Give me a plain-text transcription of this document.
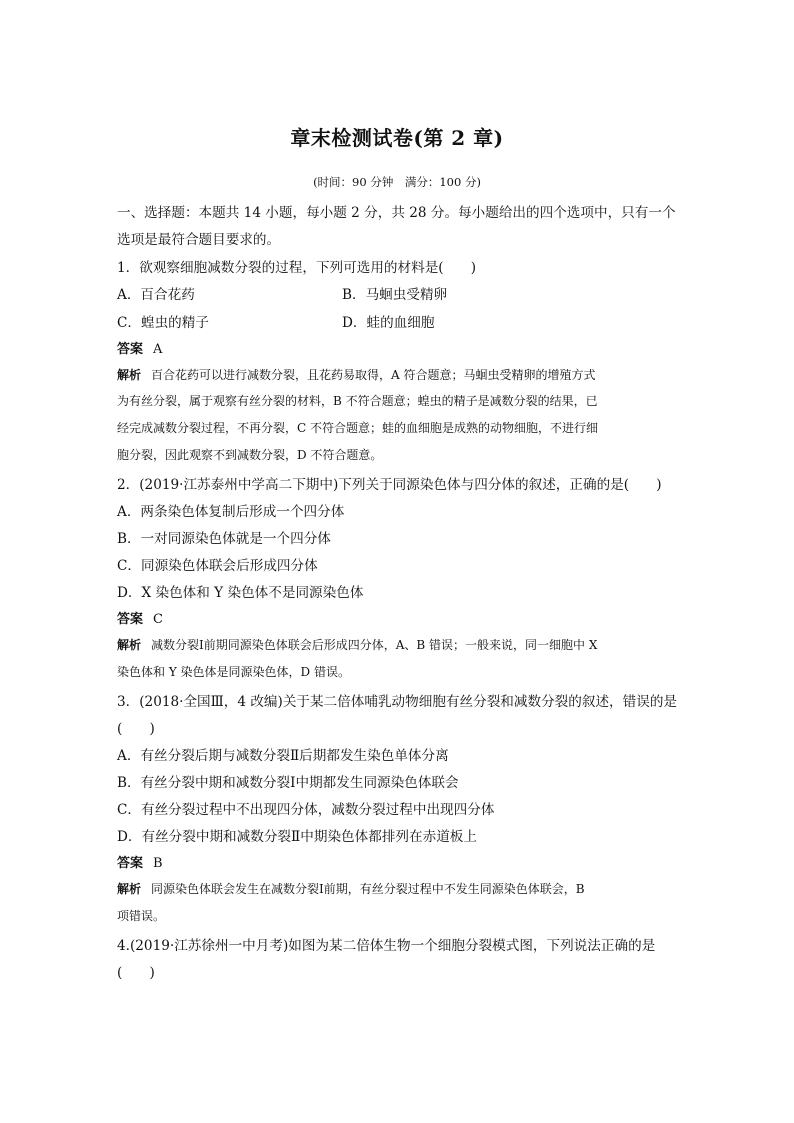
章末检测试卷(第 2 章)
(时间：90 分钟　满分：100 分)
一、选择题：本题共 14 小题，每小题 2 分，共 28 分。每小题给出的四个选项中，只有一个
选项是最符合题目要求的。
1．欲观察细胞减数分裂的过程，下列可选用的材料是(　　)
A．百合花药	B．马蛔虫受精卵
C．蝗虫的精子	D．蛙的血细胞
答案 A
解析 百合花药可以进行减数分裂，且花药易取得，A 符合题意；马蛔虫受精卵的增殖方式
为有丝分裂，属于观察有丝分裂的材料，B 不符合题意；蝗虫的精子是减数分裂的结果，已
经完成减数分裂过程，不再分裂，C 不符合题意；蛙的血细胞是成熟的动物细胞，不进行细
胞分裂，因此观察不到减数分裂，D 不符合题意。
2．(2019·江苏泰州中学高二下期中)下列关于同源染色体与四分体的叙述，正确的是(　　)
A．两条染色体复制后形成一个四分体
B．一对同源染色体就是一个四分体
C．同源染色体联会后形成四分体
D．X 染色体和 Y 染色体不是同源染色体
答案 C
解析 减数分裂Ⅰ前期同源染色体联会后形成四分体，A、B 错误；一般来说，同一细胞中 X
染色体和 Y 染色体是同源染色体，D 错误。
3．(2018·全国Ⅲ，4 改编)关于某二倍体哺乳动物细胞有丝分裂和减数分裂的叙述，错误的是
(　　)
A．有丝分裂后期与减数分裂Ⅱ后期都发生染色单体分离
B．有丝分裂中期和减数分裂Ⅰ中期都发生同源染色体联会
C．有丝分裂过程中不出现四分体，减数分裂过程中出现四分体
D．有丝分裂中期和减数分裂Ⅱ中期染色体都排列在赤道板上
答案 B
解析 同源染色体联会发生在减数分裂Ⅰ前期，有丝分裂过程中不发生同源染色体联会，B
项错误。
4.(2019·江苏徐州一中月考)如图为某二倍体生物一个细胞分裂模式图，下列说法正确的是
(　　)
